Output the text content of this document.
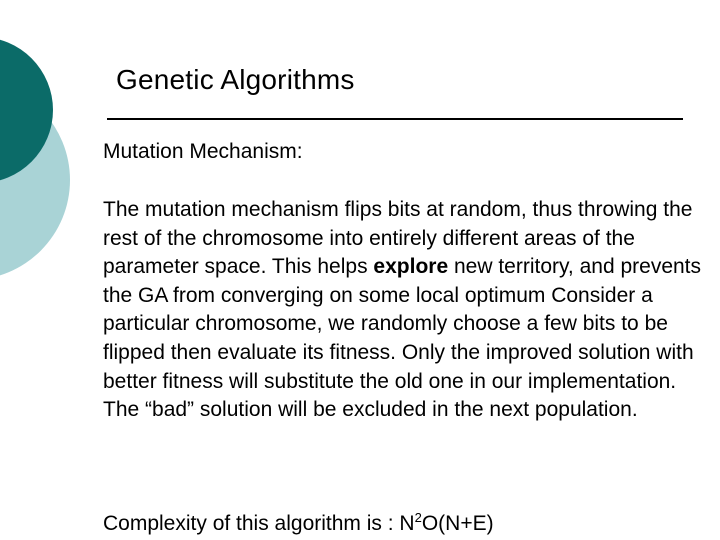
Genetic Algorithms
Mutation Mechanism:
The mutation mechanism flips bits at random, thus throwing the rest of the chromosome into entirely different areas of the parameter space. This helps explore new territory, and prevents the GA from converging on some local optimum Consider a particular chromosome, we randomly choose a few bits to be flipped then evaluate its fitness. Only the improved solution with better fitness will substitute the old one in our implementation. The “bad” solution will be excluded in the next population.
Complexity of this algorithm is : $N^2O(N+E)$
